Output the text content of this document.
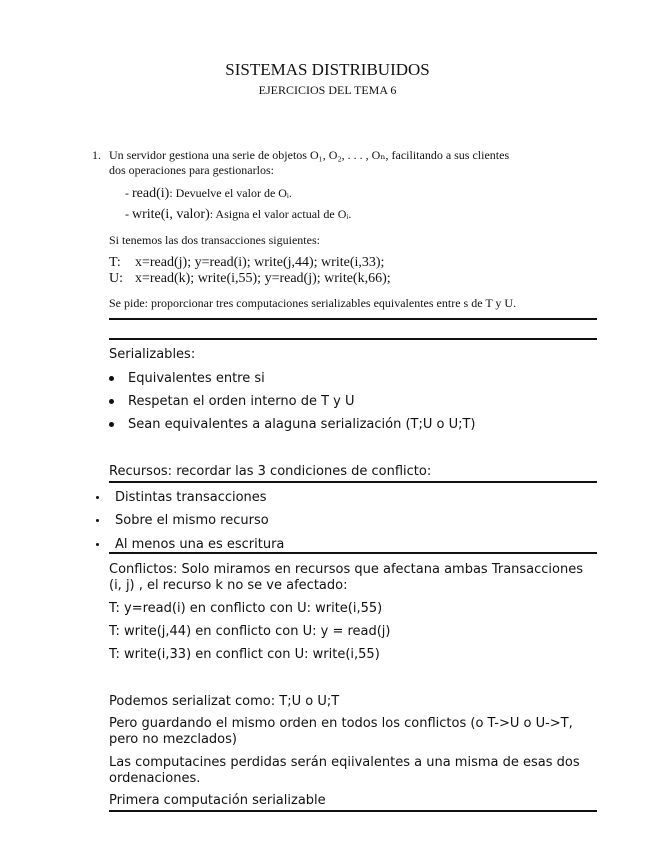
SISTEMAS DISTRIBUIDOS
EJERCICIOS DEL TEMA 6
1. Un servidor gestiona una serie de objetos O₁, O₂, . . . , Oₙ, facilitando a sus clientes
dos operaciones para gestionarlos:
- read(i): Devuelve el valor de Oᵢ.
- write(i, valor): Asigna el valor actual de Oᵢ.
Si tenemos las dos transacciones siguientes:
T: x=read(j); y=read(i); write(j,44); write(i,33);
U: x=read(k); write(i,55); y=read(j); write(k,66);
Se pide: proporcionar tres computaciones serializables equivalentes entre s de T y U.
Serializables:
Equivalentes entre si
Respetan el orden interno de T y U
Sean equivalentes a alaguna serialización (T;U o U;T)
Recursos: recordar las 3 condiciones de conflicto:
Distintas transacciones
Sobre el mismo recurso
Al menos una es escritura
Conflictos: Solo miramos en recursos que afectana ambas Transacciones (i, j) , el recurso k no se ve afectado:
T: y=read(i) en conflicto con U: write(i,55)
T: write(j,44) en conflicto con U: y = read(j)
T: write(i,33) en conflict con U: write(i,55)
Podemos serializat como: T;U o U;T
Pero guardando el mismo orden en todos los conflictos (o T->U o U->T, pero no mezclados)
Las computacines perdidas serán eqiivalentes a una misma de esas dos ordenaciones.
Primera computación serializable
